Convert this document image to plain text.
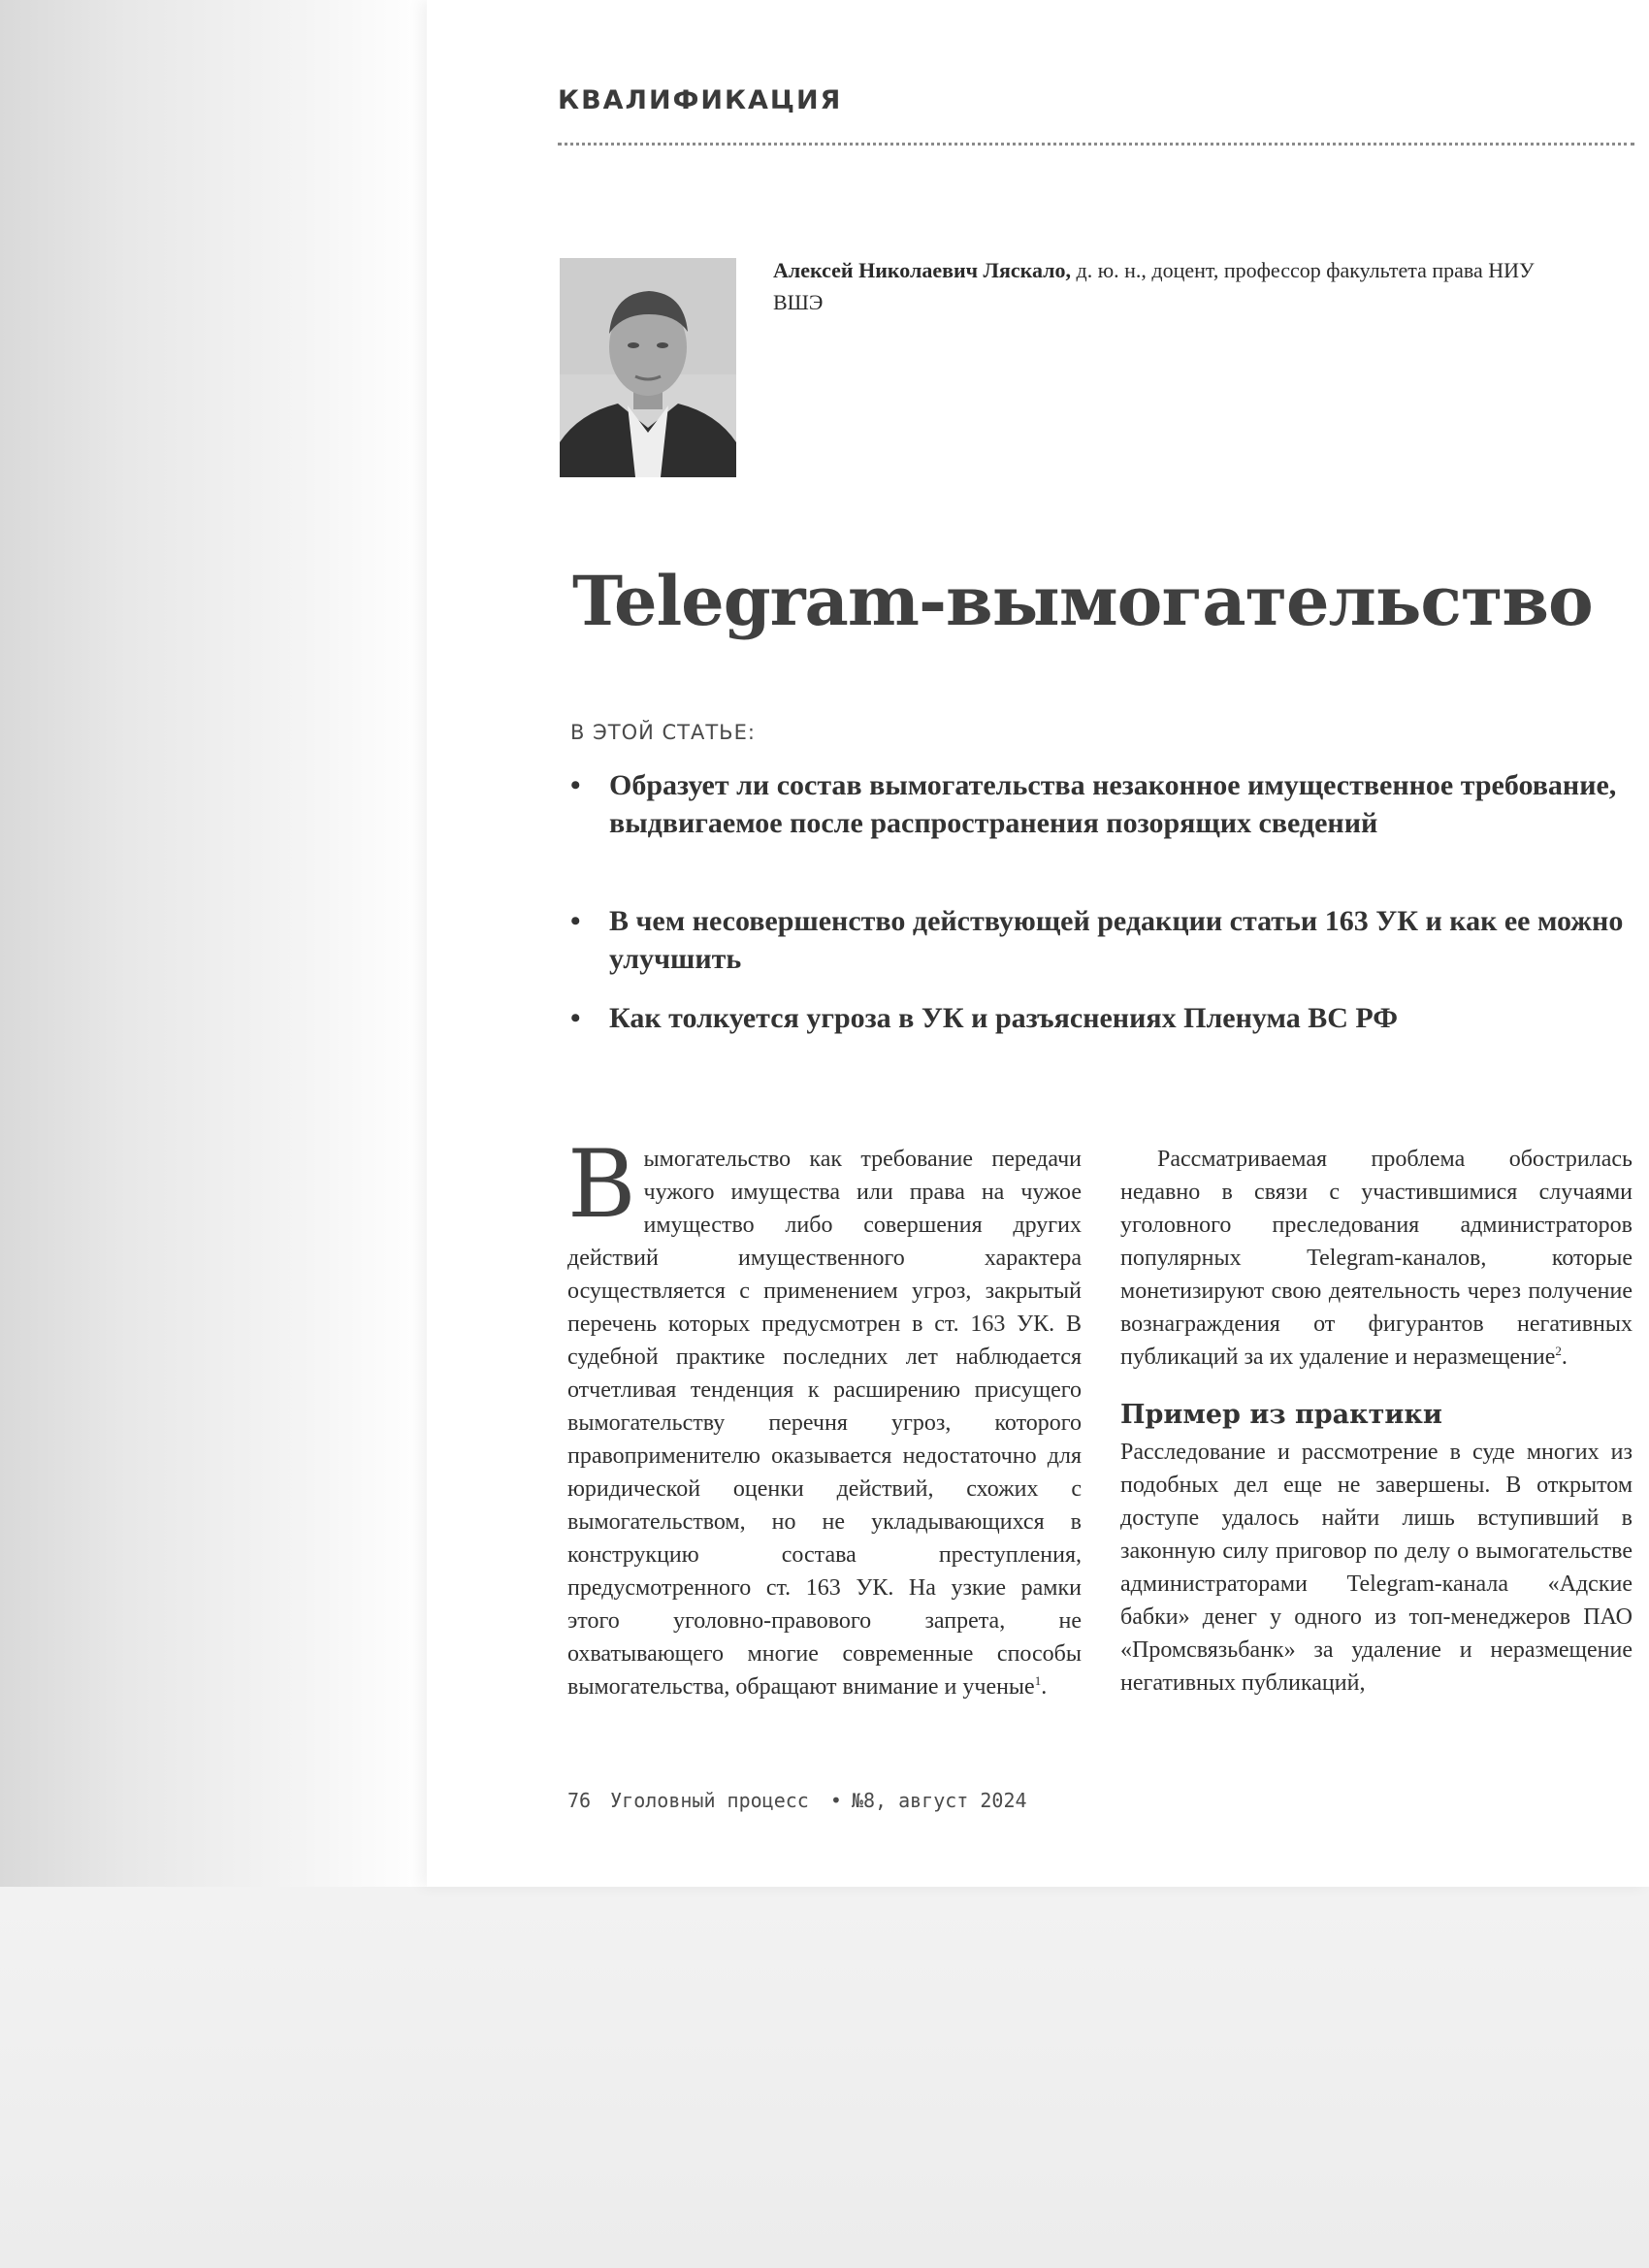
КВАЛИФИКАЦИЯ
Алексей Николаевич Ляскало, д. ю. н., доцент, профессор факультета права НИУ ВШЭ
Telegram-вымогательство
В ЭТОЙ СТАТЬЕ:
• Образует ли состав вымогательства незаконное имущественное требование, выдвигаемое после распространения позорящих сведений
• В чем несовершенство действующей редакции статьи 163 УК и как ее можно улучшить
• Как толкуется угроза в УК и разъяснениях Пленума ВС РФ
Вымогательство как требование передачи чужого имущества или права на чужое имущество либо совершения других действий имущественного характера осуществляется с применением угроз, закрытый перечень которых предусмотрен в ст. 163 УК. В судебной практике последних лет наблюдается отчетливая тенденция к расширению присущего вымогательству перечня угроз, которого правоприменителю оказывается недостаточно для юридической оценки действий, схожих с вымогательством, но не укладывающихся в конструкцию состава преступления, предусмотренного ст. 163 УК. На узкие рамки этого уголовно-правового запрета, не охватывающего многие современные способы вымогательства, обращают внимание и ученые$^1$.

Рассматриваемая проблема обострилась недавно в связи с участившимися случаями уголовного преследования администраторов популярных Telegram-каналов, которые монетизируют свою деятельность через получение вознаграждения от фигурантов негативных публикаций за их удаление и неразмещение$^2$.

Пример из практики

Расследование и рассмотрение в суде многих из подобных дел еще не завершены. В открытом доступе удалось найти лишь вступивший в законную силу приговор по делу о вымогательстве администраторами Telegram-канала «Адские бабки» денег у одного из топ-менеджеров ПАО «Промсвязьбанк» за удаление и неразмещение негативных публикаций,

76 Уголовный процесс • №8, август 2024
